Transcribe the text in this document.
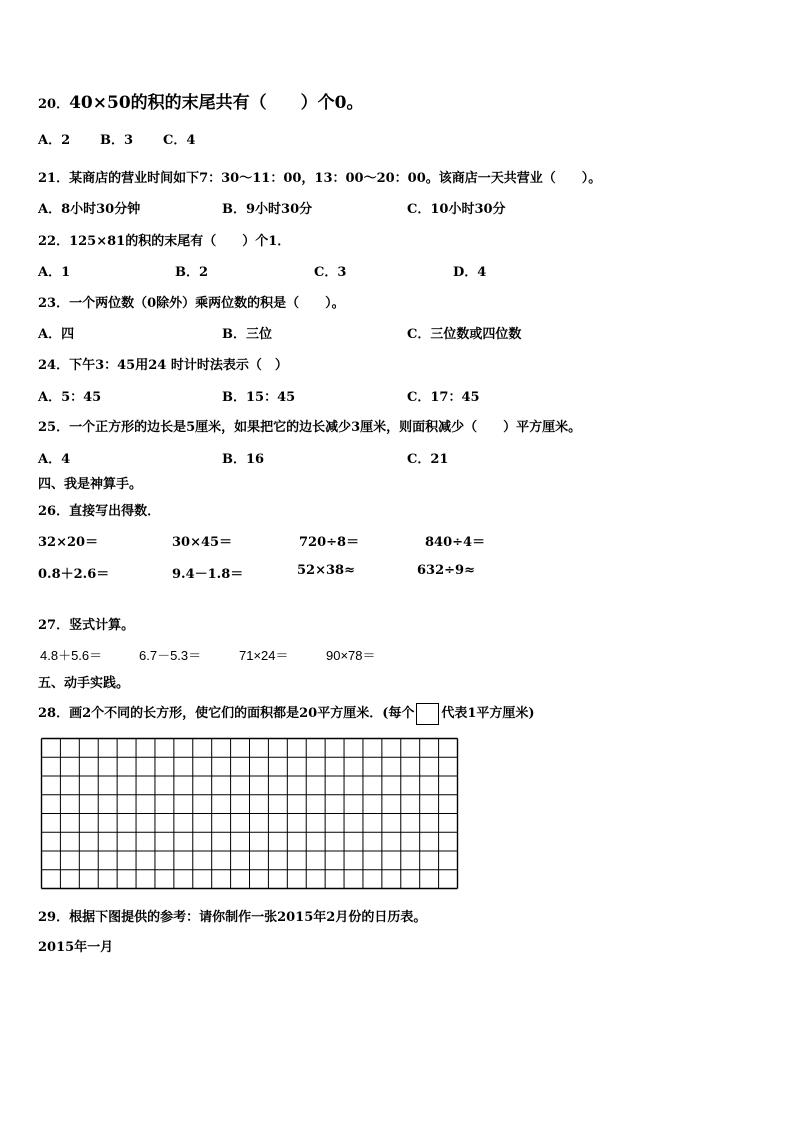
20．40×50的积的末尾共有（　　）个0。
A．2 B．3 C．4
21．某商店的营业时间如下7：30～11：00，13：00～20：00。该商店一天共营业（　　）。
A．8小时30分钟	B．9小时30分	C．10小时30分
22．125×81的积的末尾有（　　）个1．
A．1	B．2	C．3	D．4
23．一个两位数（0除外）乘两位数的积是（　　）。
A．四	B．三位	C．三位数或四位数
24．下午3：45用24 时计时法表示（　）
A．5：45	B．15：45	C．17：45
25．一个正方形的边长是5厘米，如果把它的边长减少3厘米，则面积减少（　　）平方厘米。
A．4	B．16	C．21
四、我是神算手。
26．直接写出得数．
32×20＝	30×45＝	720÷8＝	840÷4＝
0.8＋2.6＝	9.4－1.8＝	52×38≈	632÷9≈
27．竖式计算。
4.8＋5.6＝	6.7－5.3＝	71×24＝	90×78＝
五、动手实践。
28．画2个不同的长方形，使它们的面积都是20平方厘米．(每个 代表1平方厘米)
29．根据下图提供的参考：请你制作一张2015年2月份的日历表。
2015年一月
